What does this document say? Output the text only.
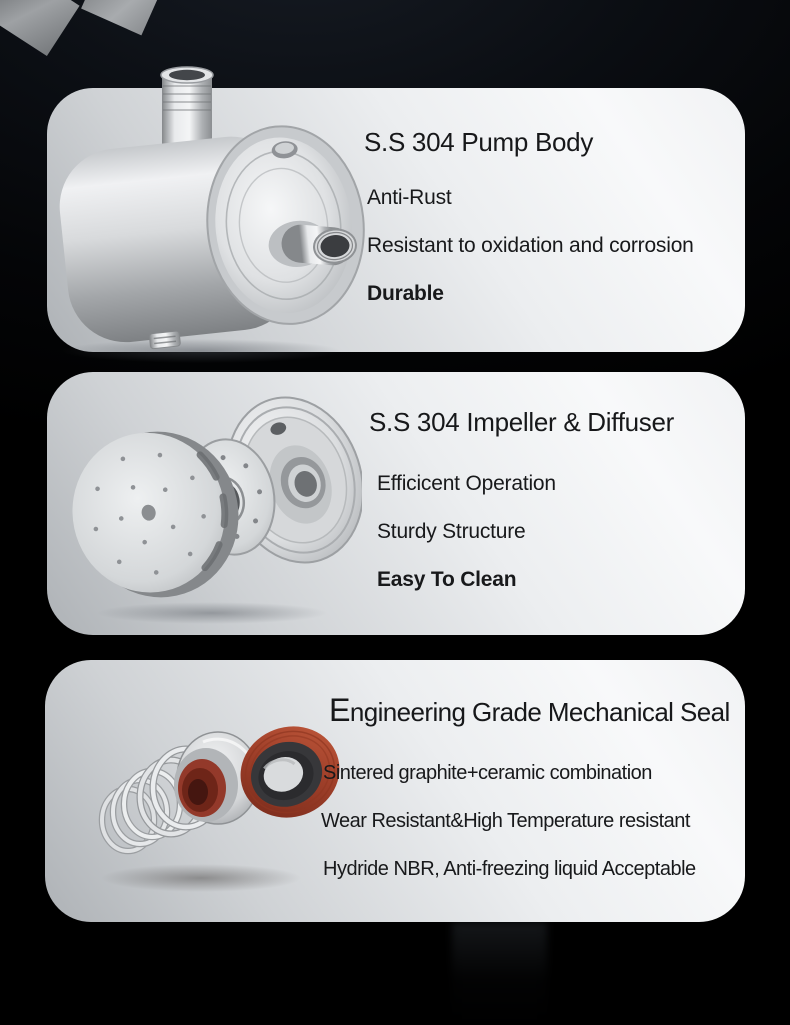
S.S 304 Pump Body

Anti-Rust

Resistant to oxidation and corrosion

Durable

S.S 304 Impeller & Diffuser

Efficicent Operation

Sturdy Structure

Easy To Clean

Engineering Grade Mechanical Seal

Sintered graphite+ceramic combination

Wear Resistant&High Temperature resistant

Hydride NBR, Anti-freezing liquid Acceptable
